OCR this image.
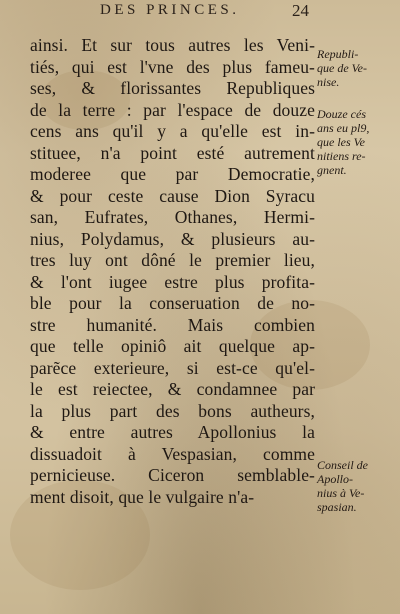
DES PRINCES.	24
ainsi. Et sur tous autres les Veni-
tiés, qui est l'vne des plus fameu-
ses, & florissantes Republiques
de la terre : par l'espace de douze
cens ans qu'il y a qu'elle est in-
stituee, n'a point esté autrement
moderee que par Democratie,
& pour ceste cause Dion Syracu
san, Eufrates, Othanes, Hermi-
nius, Polydamus, & plusieurs au-
tres luy ont dôné le premier lieu,
& l'ont iugee estre plus profita-
ble pour la conseruation de no-
stre humanité. Mais combien
que telle opiniô ait quelque ap-
parẽce exterieure, si est-ce qu'el-
le est reiectee, & condamnee par
la plus part des bons autheurs,
& entre autres Apollonius la
dissuadoit à Vespasian, comme
pernicieuse. Ciceron semblable-
ment disoit, que le vulgaire n'a-
Republi-
que de Ve-
nise.
Douze cés
ans eu pl9,
que les Ve
nitiens re-
gnent.
Conseil de
Apollo-
nius à Ve-
spasian.
